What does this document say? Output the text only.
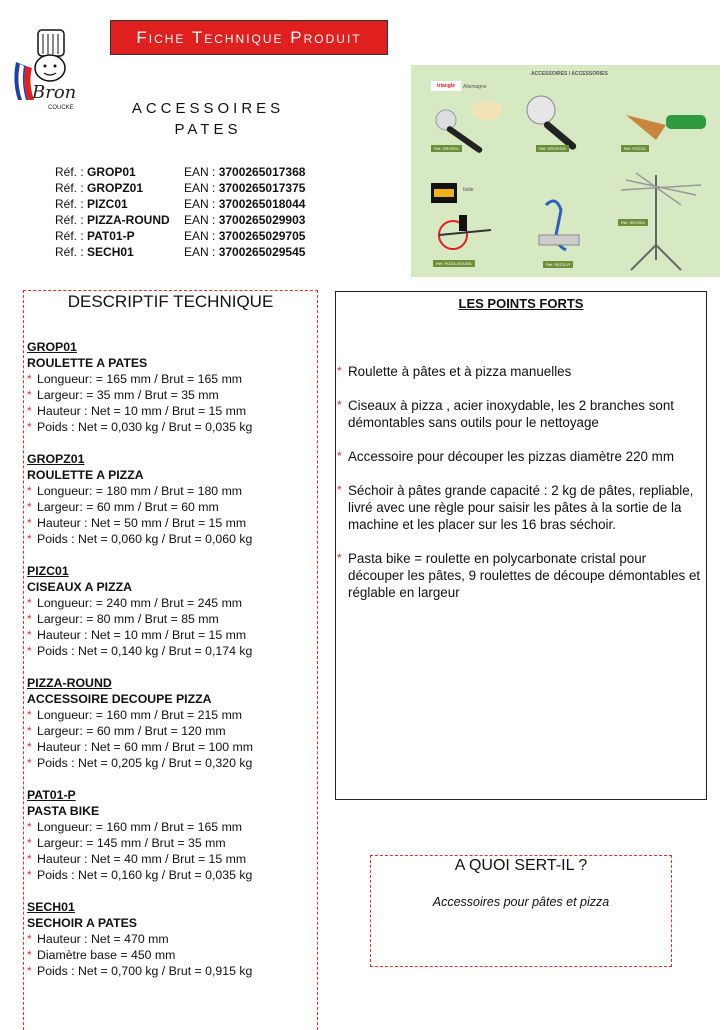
Bron
COUCKE
Fiche Technique Produit
ACCESSOIRES
PATES
Réf. : GROP01	EAN : 3700265017368
Réf. : GROPZ01	EAN : 3700265017375
Réf. : PIZC01	EAN : 3700265018044
Réf. : PIZZA-ROUND	EAN : 3700265029903
Réf. : PAT01-P	EAN : 3700265029705
Réf. : SECH01	EAN : 3700265029545
ACCESSOIRES / ACCESSORIES
triangle	Allemagne
Italie
Réf. GROP01	Réf. GROPZ01	Réf. PIZC01
Réf. PIZZA-ROUND	Réf. PAT01-P
Réf. SECH01
DESCRIPTIF TECHNIQUE
GROP01
ROULETTE A PATES
* Longueur: = 165 mm / Brut = 165 mm
* Largeur: = 35 mm / Brut = 35 mm
* Hauteur : Net = 10 mm / Brut = 15 mm
* Poids : Net = 0,030 kg / Brut = 0,035 kg
GROPZ01
ROULETTE A PIZZA
* Longueur: = 180 mm / Brut = 180 mm
* Largeur: = 60 mm / Brut = 60 mm
* Hauteur : Net = 50 mm / Brut = 15 mm
* Poids : Net = 0,060 kg / Brut = 0,060 kg
PIZC01
CISEAUX A PIZZA
* Longueur: = 240 mm / Brut = 245 mm
* Largeur: = 80 mm / Brut = 85 mm
* Hauteur : Net = 10 mm / Brut = 15 mm
* Poids : Net = 0,140 kg / Brut = 0,174 kg
PIZZA-ROUND
ACCESSOIRE DECOUPE PIZZA
* Longueur: = 160 mm / Brut = 215 mm
* Largeur: = 60 mm / Brut = 120 mm
* Hauteur : Net = 60 mm / Brut = 100 mm
* Poids : Net = 0,205 kg / Brut = 0,320 kg
PAT01-P
PASTA BIKE
* Longueur: = 160 mm / Brut = 165 mm
* Largeur: = 145 mm / Brut = 35 mm
* Hauteur : Net = 40 mm / Brut = 15 mm
* Poids : Net = 0,160 kg / Brut = 0,035 kg
SECH01
SECHOIR A PATES
* Hauteur : Net = 470 mm
* Diamètre base = 450 mm
* Poids : Net = 0,700 kg / Brut = 0,915 kg
LES POINTS FORTS
* Roulette à pâtes et à pizza manuelles
* Ciseaux à pizza , acier inoxydable, les 2 branches sont démontables sans outils pour le nettoyage
* Accessoire pour découper les pizzas diamètre 220 mm
* Séchoir à pâtes grande capacité : 2 kg de pâtes, repliable, livré avec une règle pour saisir les pâtes à la sortie de la machine et les placer sur les 16 bras séchoir.
* Pasta bike = roulette en polycarbonate cristal pour découper les pâtes, 9 roulettes de découpe démontables et réglable en largeur
A QUOI SERT-IL ?
Accessoires pour pâtes et pizza
